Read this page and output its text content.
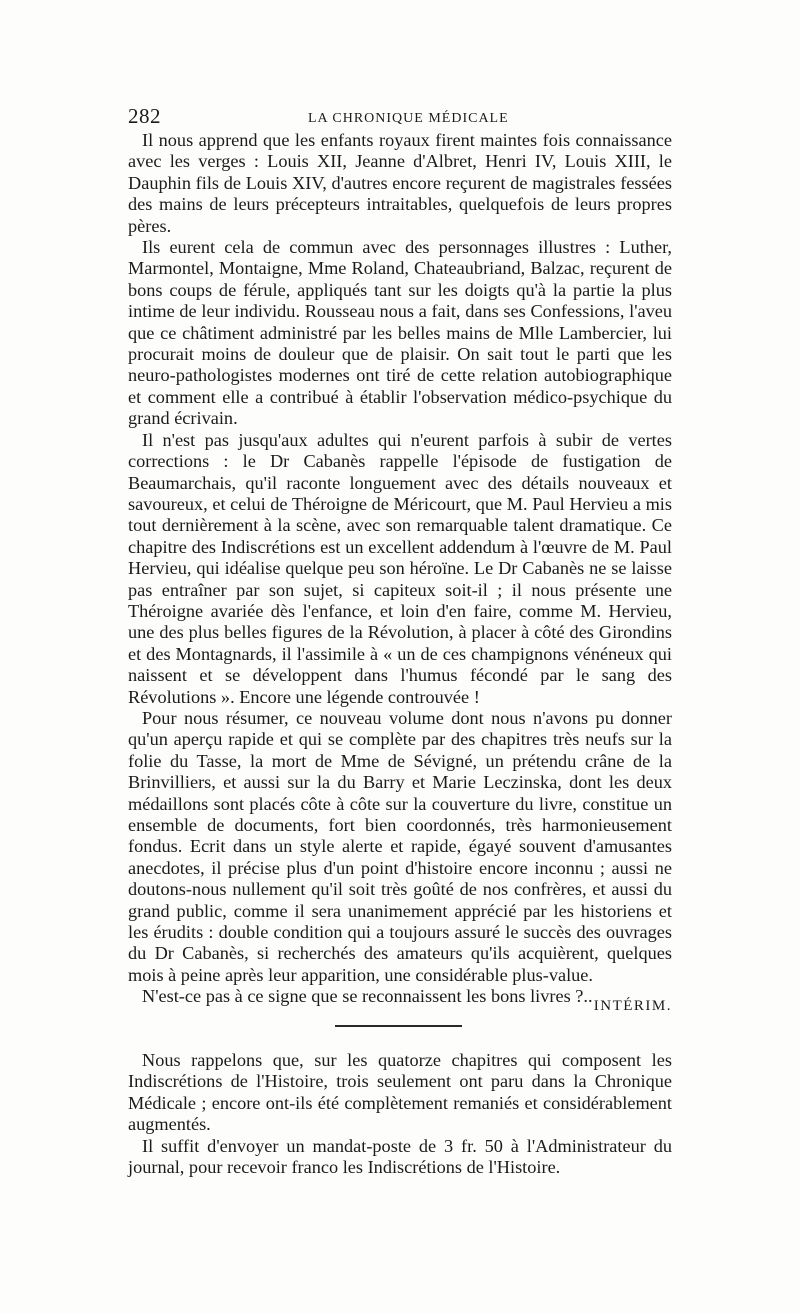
282	LA CHRONIQUE MÉDICALE

Il nous apprend que les enfants royaux firent maintes fois connaissance avec les verges : Louis XII, Jeanne d'Albret, Henri IV, Louis XIII, le Dauphin fils de Louis XIV, d'autres encore reçurent de magistrales fessées des mains de leurs précepteurs intraitables, quelquefois de leurs propres pères.

Ils eurent cela de commun avec des personnages illustres : Luther, Marmontel, Montaigne, Mme Roland, Chateaubriand, Balzac, reçurent de bons coups de férule, appliqués tant sur les doigts qu'à la partie la plus intime de leur individu. Rousseau nous a fait, dans ses Confessions, l'aveu que ce châtiment administré par les belles mains de Mlle Lambercier, lui procurait moins de douleur que de plaisir. On sait tout le parti que les neuro-pathologistes modernes ont tiré de cette relation autobiographique et comment elle a contribué à établir l'observation médico-psychique du grand écrivain.

Il n'est pas jusqu'aux adultes qui n'eurent parfois à subir de vertes corrections : le Dr Cabanès rappelle l'épisode de fustigation de Beaumarchais, qu'il raconte longuement avec des détails nouveaux et savoureux, et celui de Théroigne de Méricourt, que M. Paul Hervieu a mis tout dernièrement à la scène, avec son remarquable talent dramatique. Ce chapitre des Indiscrétions est un excellent addendum à l'œuvre de M. Paul Hervieu, qui idéalise quelque peu son héroïne. Le Dr Cabanès ne se laisse pas entraîner par son sujet, si capiteux soit-il ; il nous présente une Théroigne avariée dès l'enfance, et loin d'en faire, comme M. Hervieu, une des plus belles figures de la Révolution, à placer à côté des Girondins et des Montagnards, il l'assimile à « un de ces champignons vénéneux qui naissent et se développent dans l'humus fécondé par le sang des Révolutions ». Encore une légende controuvée !

Pour nous résumer, ce nouveau volume dont nous n'avons pu donner qu'un aperçu rapide et qui se complète par des chapitres très neufs sur la folie du Tasse, la mort de Mme de Sévigné, un prétendu crâne de la Brinvilliers, et aussi sur la du Barry et Marie Leczinska, dont les deux médaillons sont placés côte à côte sur la couverture du livre, constitue un ensemble de documents, fort bien coordonnés, très harmonieusement fondus. Ecrit dans un style alerte et rapide, égayé souvent d'amusantes anecdotes, il précise plus d'un point d'histoire encore inconnu ; aussi ne doutons-nous nullement qu'il soit très goûté de nos confrères, et aussi du grand public, comme il sera unanimement apprécié par les historiens et les érudits : double condition qui a toujours assuré le succès des ouvrages du Dr Cabanès, si recherchés des amateurs qu'ils acquièrent, quelques mois à peine après leur apparition, une considérable plus-value.

N'est-ce pas à ce signe que se reconnaissent les bons livres ?.. INTÉRIM.

Nous rappelons que, sur les quatorze chapitres qui composent les Indiscrétions de l'Histoire, trois seulement ont paru dans la Chronique Médicale ; encore ont-ils été complètement remaniés et considérablement augmentés.

Il suffit d'envoyer un mandat-poste de 3 fr. 50 à l'Administrateur du journal, pour recevoir franco les Indiscrétions de l'Histoire.
